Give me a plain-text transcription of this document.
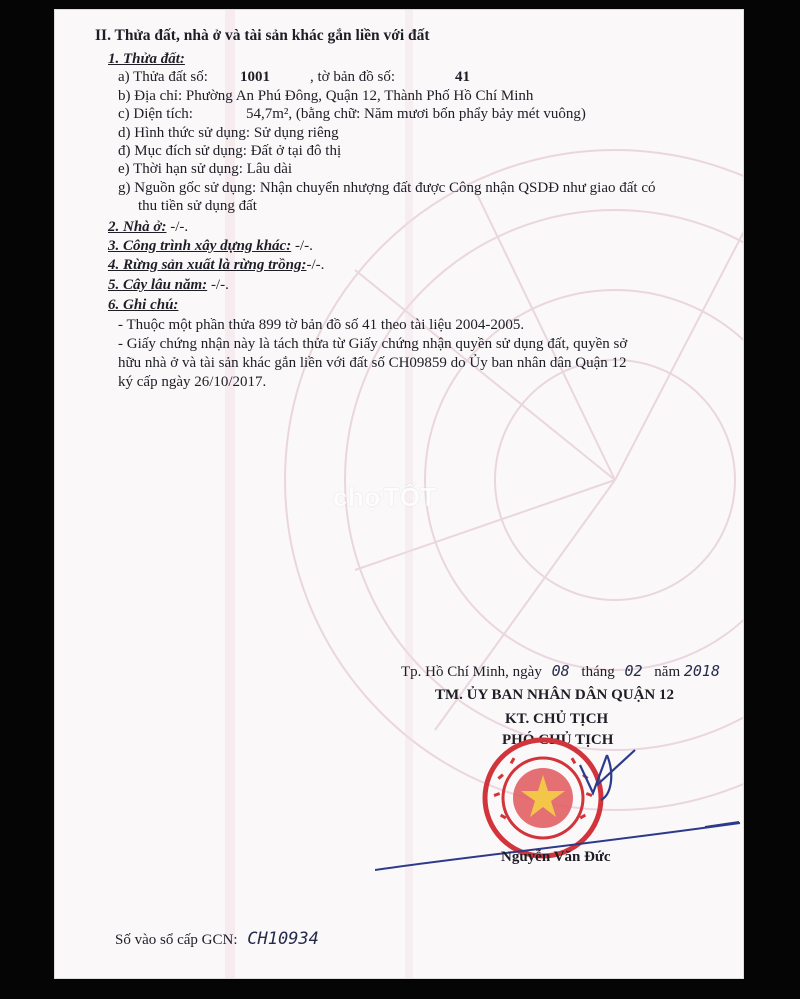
II. Thửa đất, nhà ở và tài sản khác gắn liền với đất
1. Thửa đất:
a) Thửa đất số: 1001	, tờ bản đồ số:	41
b) Địa chỉ: Phường An Phú Đông, Quận 12, Thành Phố Hồ Chí Minh
c) Diện tích:	54,7m², (bằng chữ: Năm mươi bốn phẩy bảy mét vuông)
d) Hình thức sử dụng: Sử dụng riêng
đ) Mục đích sử dụng: Đất ở tại đô thị
e) Thời hạn sử dụng: Lâu dài
g) Nguồn gốc sử dụng: Nhận chuyển nhượng đất được Công nhận QSDĐ như giao đất có
thu tiền sử dụng đất
2. Nhà ở: -/-.
3. Công trình xây dựng khác: -/-.
4. Rừng sản xuất là rừng trồng:-/-.
5. Cây lâu năm: -/-.
6. Ghi chú:
- Thuộc một phần thửa 899 tờ bản đồ số 41 theo tài liệu 2004-2005.
- Giấy chứng nhận này là tách thửa từ Giấy chứng nhận quyền sử dụng đất, quyền sở
hữu nhà ở và tài sản khác gắn liền với đất số CH09859 do Ủy ban nhân dân Quận 12
ký cấp ngày 26/10/2017.
chợTỐT
Tp. Hồ Chí Minh, ngày 08 tháng 02 năm 2018
TM. ỦY BAN NHÂN DÂN QUẬN 12
KT. CHỦ TỊCH
PHÓ CHỦ TỊCH
Nguyễn Văn Đức
Số vào sổ cấp GCN: CH10934
